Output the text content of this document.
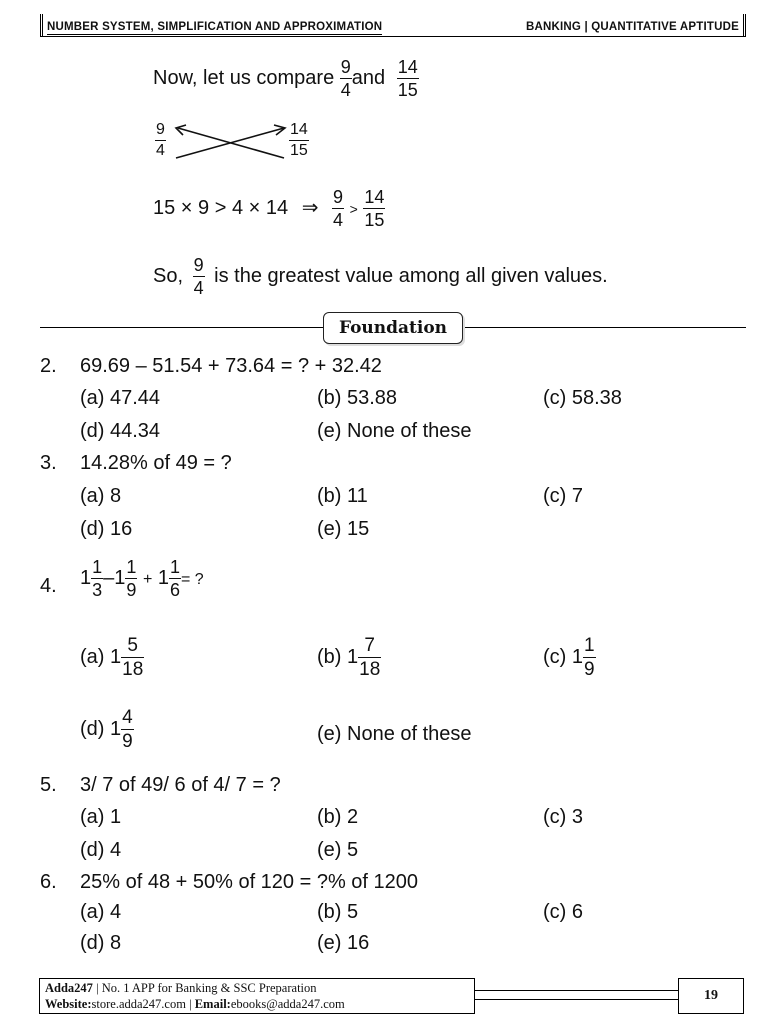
NUMBER SYSTEM, SIMPLIFICATION AND APPROXIMATION	BANKING | QUANTITATIVE APTITUDE
Now, let us compare $\frac{9}{4}$ and $\frac{14}{15}$
$\frac{9}{4}$	$\frac{14}{15}$
15 × 9 > 4 × 14 ⇒ $\frac{9}{4} > \frac{14}{15}$
So, $\frac{9}{4}$ is the greatest value among all given values.
Foundation
2. 69.69 – 51.54 + 73.64 = ? + 32.42
(a) 47.44	(b) 53.88	(c) 58.38
(d) 44.34	(e) None of these
3. 14.28% of 49 = ?
(a) 8	(b) 11	(c) 7
(d) 16	(e) 15
4. $1 \frac{1}{3} -1 \frac{1}{9} + 1 \frac{1}{6}$ = ?
(a) $1 \frac{5}{18}$	(b) $1 \frac{7}{18}$	(c) $1 \frac{1}{9}$
(d) $1 \frac{4}{9}$	(e) None of these
5. 3/ 7 of 49/ 6 of 4/ 7 = ?
(a) 1	(b) 2	(c) 3
(d) 4	(e) 5
6. 25% of 48 + 50% of 120 = ?% of 1200
(a) 4	(b) 5	(c) 6
(d) 8	(e) 16
Adda247 | No. 1 APP for Banking & SSC Preparation
Website:store.adda247.com | Email:ebooks@adda247.com
19
